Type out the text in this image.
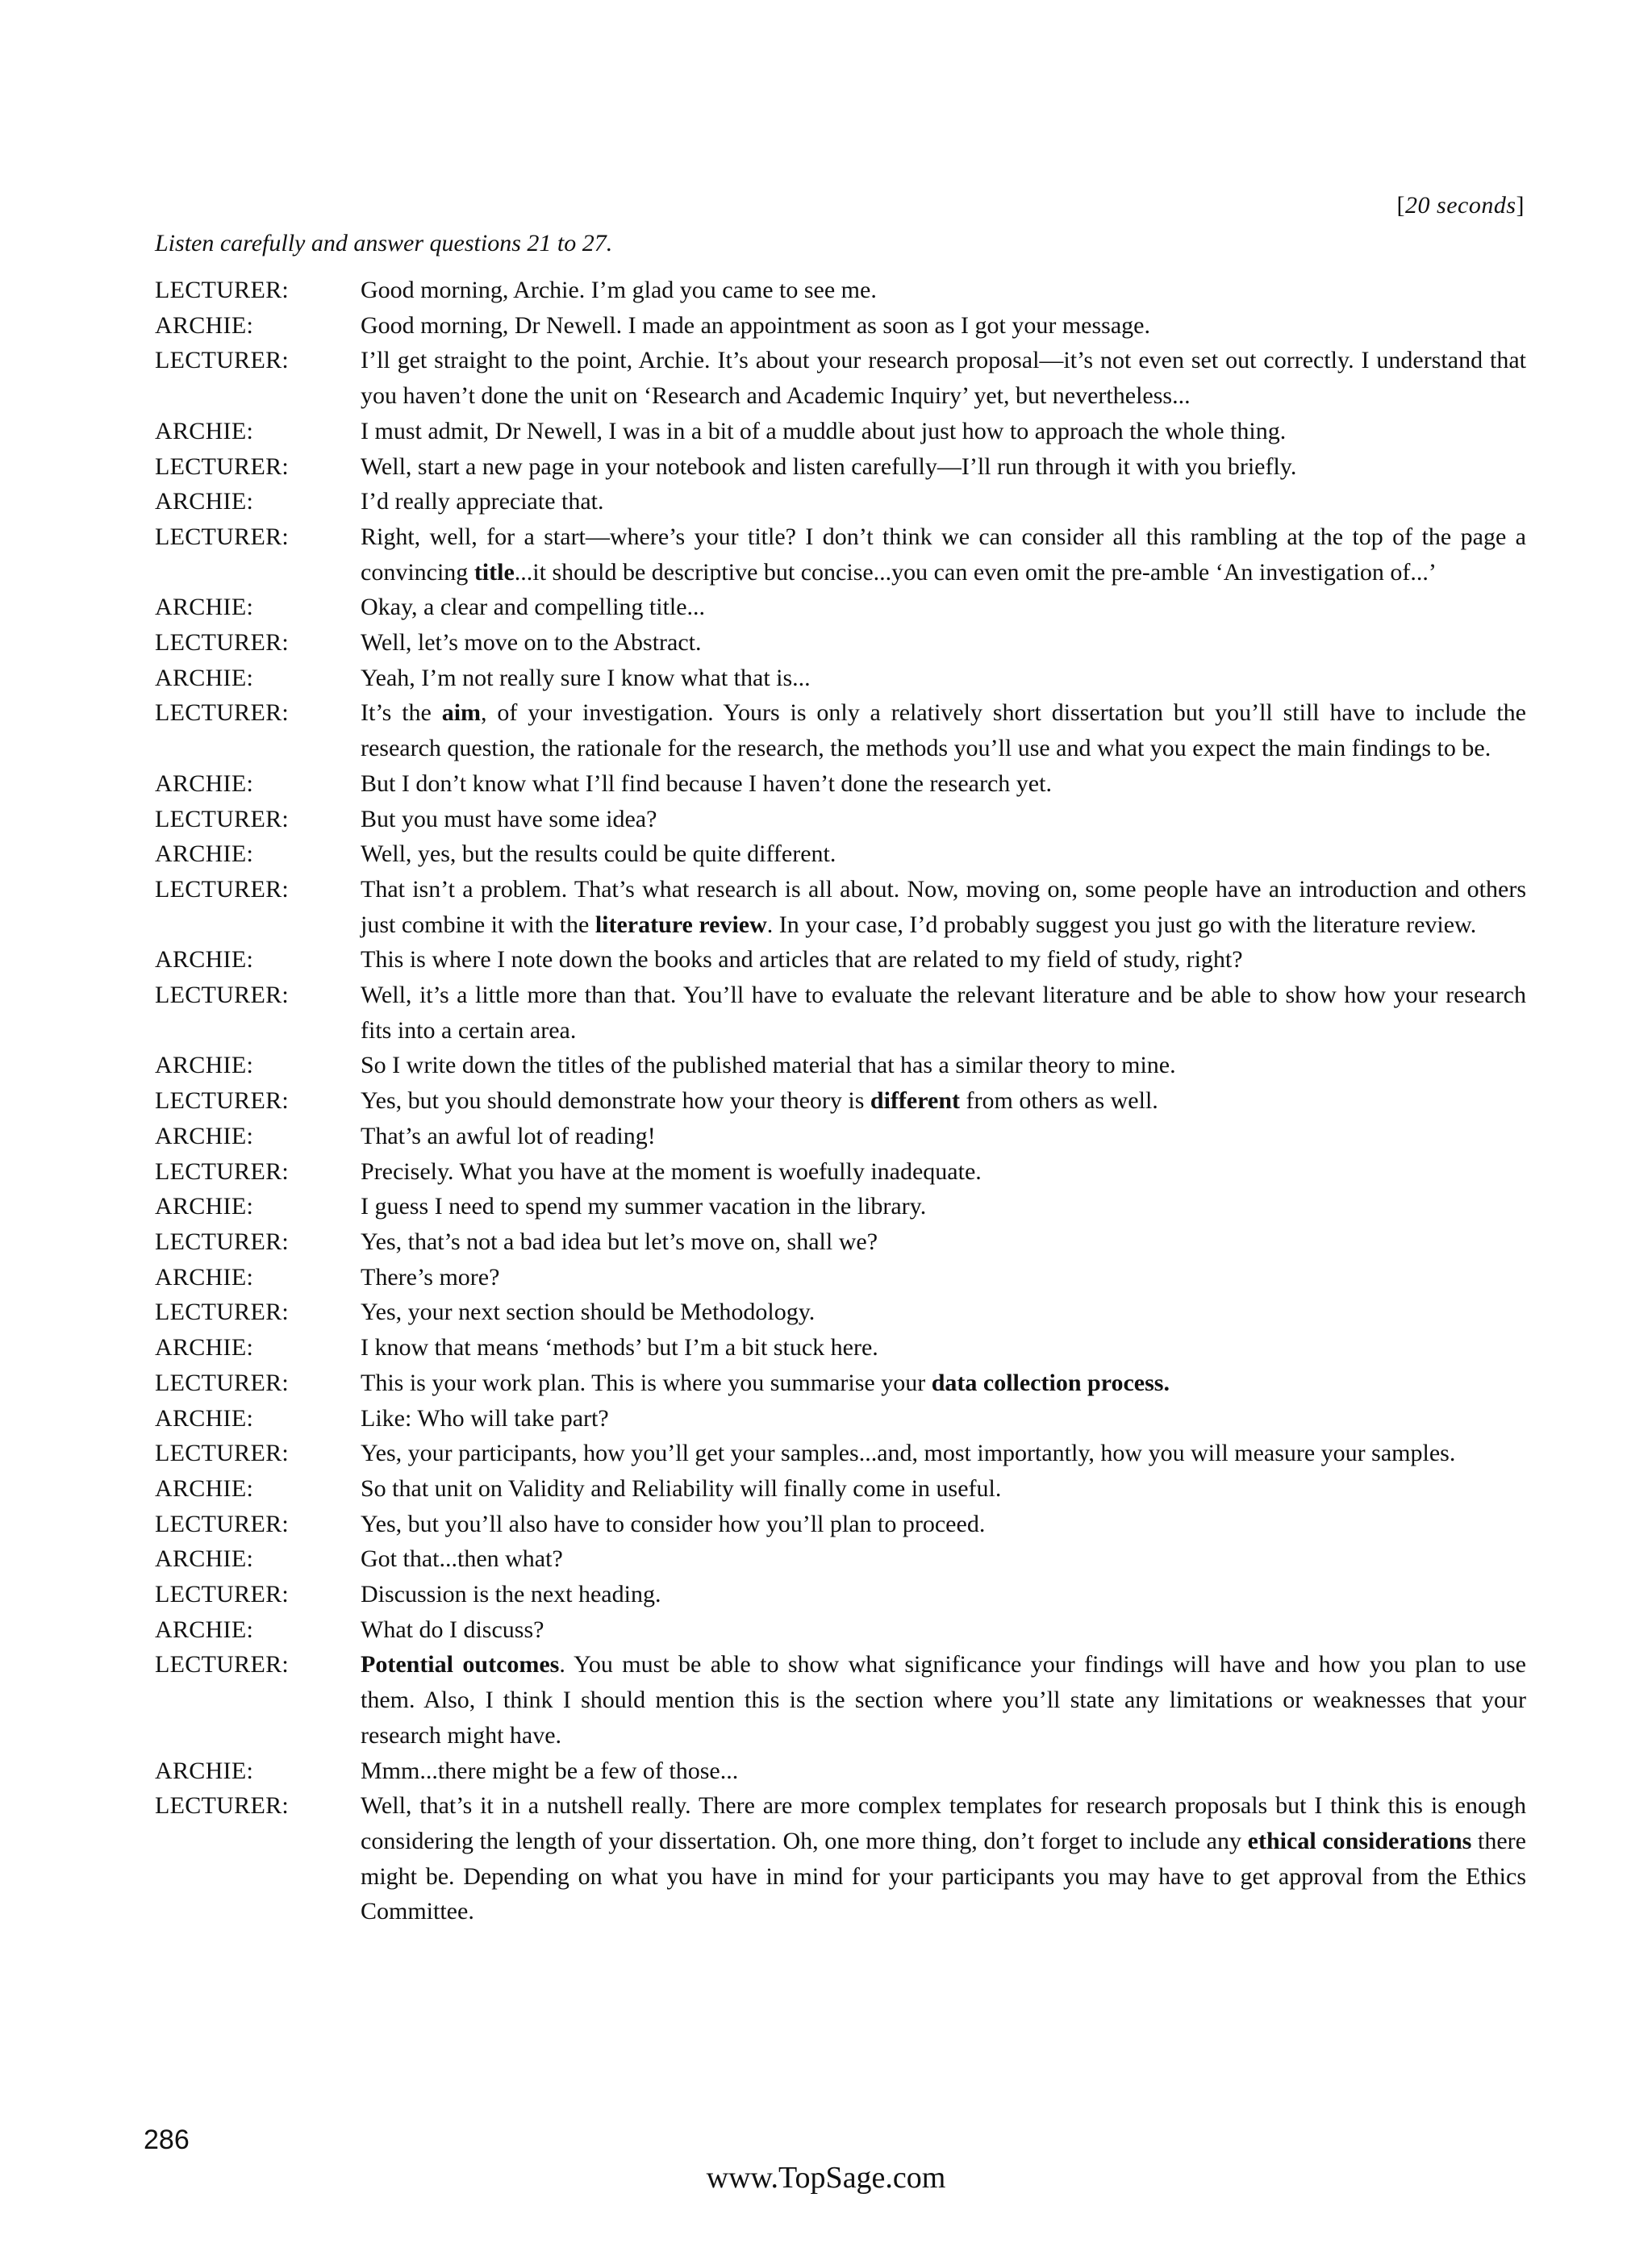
[20 seconds]
Listen carefully and answer questions 21 to 27.
LECTURER:	Good morning, Archie. I’m glad you came to see me.
ARCHIE:	Good morning, Dr Newell. I made an appointment as soon as I got your message.
LECTURER:	I’ll get straight to the point, Archie. It’s about your research proposal—it’s not even set out correctly. I understand that you haven’t done the unit on ‘Research and Academic Inquiry’ yet, but nevertheless...
ARCHIE:	I must admit, Dr Newell, I was in a bit of a muddle about just how to approach the whole thing.
LECTURER:	Well, start a new page in your notebook and listen carefully—I’ll run through it with you briefly.
ARCHIE:	I’d really appreciate that.
LECTURER:	Right, well, for a start—where’s your title? I don’t think we can consider all this rambling at the top of the page a convincing title...it should be descriptive but concise...you can even omit the pre-amble ‘An investigation of...’
ARCHIE:	Okay, a clear and compelling title...
LECTURER:	Well, let’s move on to the Abstract.
ARCHIE:	Yeah, I’m not really sure I know what that is...
LECTURER:	It’s the aim, of your investigation. Yours is only a relatively short dissertation but you’ll still have to include the research question, the rationale for the research, the methods you’ll use and what you expect the main findings to be.
ARCHIE:	But I don’t know what I’ll find because I haven’t done the research yet.
LECTURER:	But you must have some idea?
ARCHIE:	Well, yes, but the results could be quite different.
LECTURER:	That isn’t a problem. That’s what research is all about. Now, moving on, some people have an introduction and others just combine it with the literature review. In your case, I’d probably suggest you just go with the literature review.
ARCHIE:	This is where I note down the books and articles that are related to my field of study, right?
LECTURER:	Well, it’s a little more than that. You’ll have to evaluate the relevant literature and be able to show how your research fits into a certain area.
ARCHIE:	So I write down the titles of the published material that has a similar theory to mine.
LECTURER:	Yes, but you should demonstrate how your theory is different from others as well.
ARCHIE:	That’s an awful lot of reading!
LECTURER:	Precisely. What you have at the moment is woefully inadequate.
ARCHIE:	I guess I need to spend my summer vacation in the library.
LECTURER:	Yes, that’s not a bad idea but let’s move on, shall we?
ARCHIE:	There’s more?
LECTURER:	Yes, your next section should be Methodology.
ARCHIE:	I know that means ‘methods’ but I’m a bit stuck here.
LECTURER:	This is your work plan. This is where you summarise your data collection process.
ARCHIE:	Like: Who will take part?
LECTURER:	Yes, your participants, how you’ll get your samples...and, most importantly, how you will measure your samples.
ARCHIE:	So that unit on Validity and Reliability will finally come in useful.
LECTURER:	Yes, but you’ll also have to consider how you’ll plan to proceed.
ARCHIE:	Got that...then what?
LECTURER:	Discussion is the next heading.
ARCHIE:	What do I discuss?
LECTURER:	Potential outcomes. You must be able to show what significance your findings will have and how you plan to use them. Also, I think I should mention this is the section where you’ll state any limitations or weaknesses that your research might have.
ARCHIE:	Mmm...there might be a few of those...
LECTURER:	Well, that’s it in a nutshell really. There are more complex templates for research proposals but I think this is enough considering the length of your dissertation. Oh, one more thing, don’t forget to include any ethical considerations there might be. Depending on what you have in mind for your participants you may have to get approval from the Ethics Committee.
286
www.TopSage.com
